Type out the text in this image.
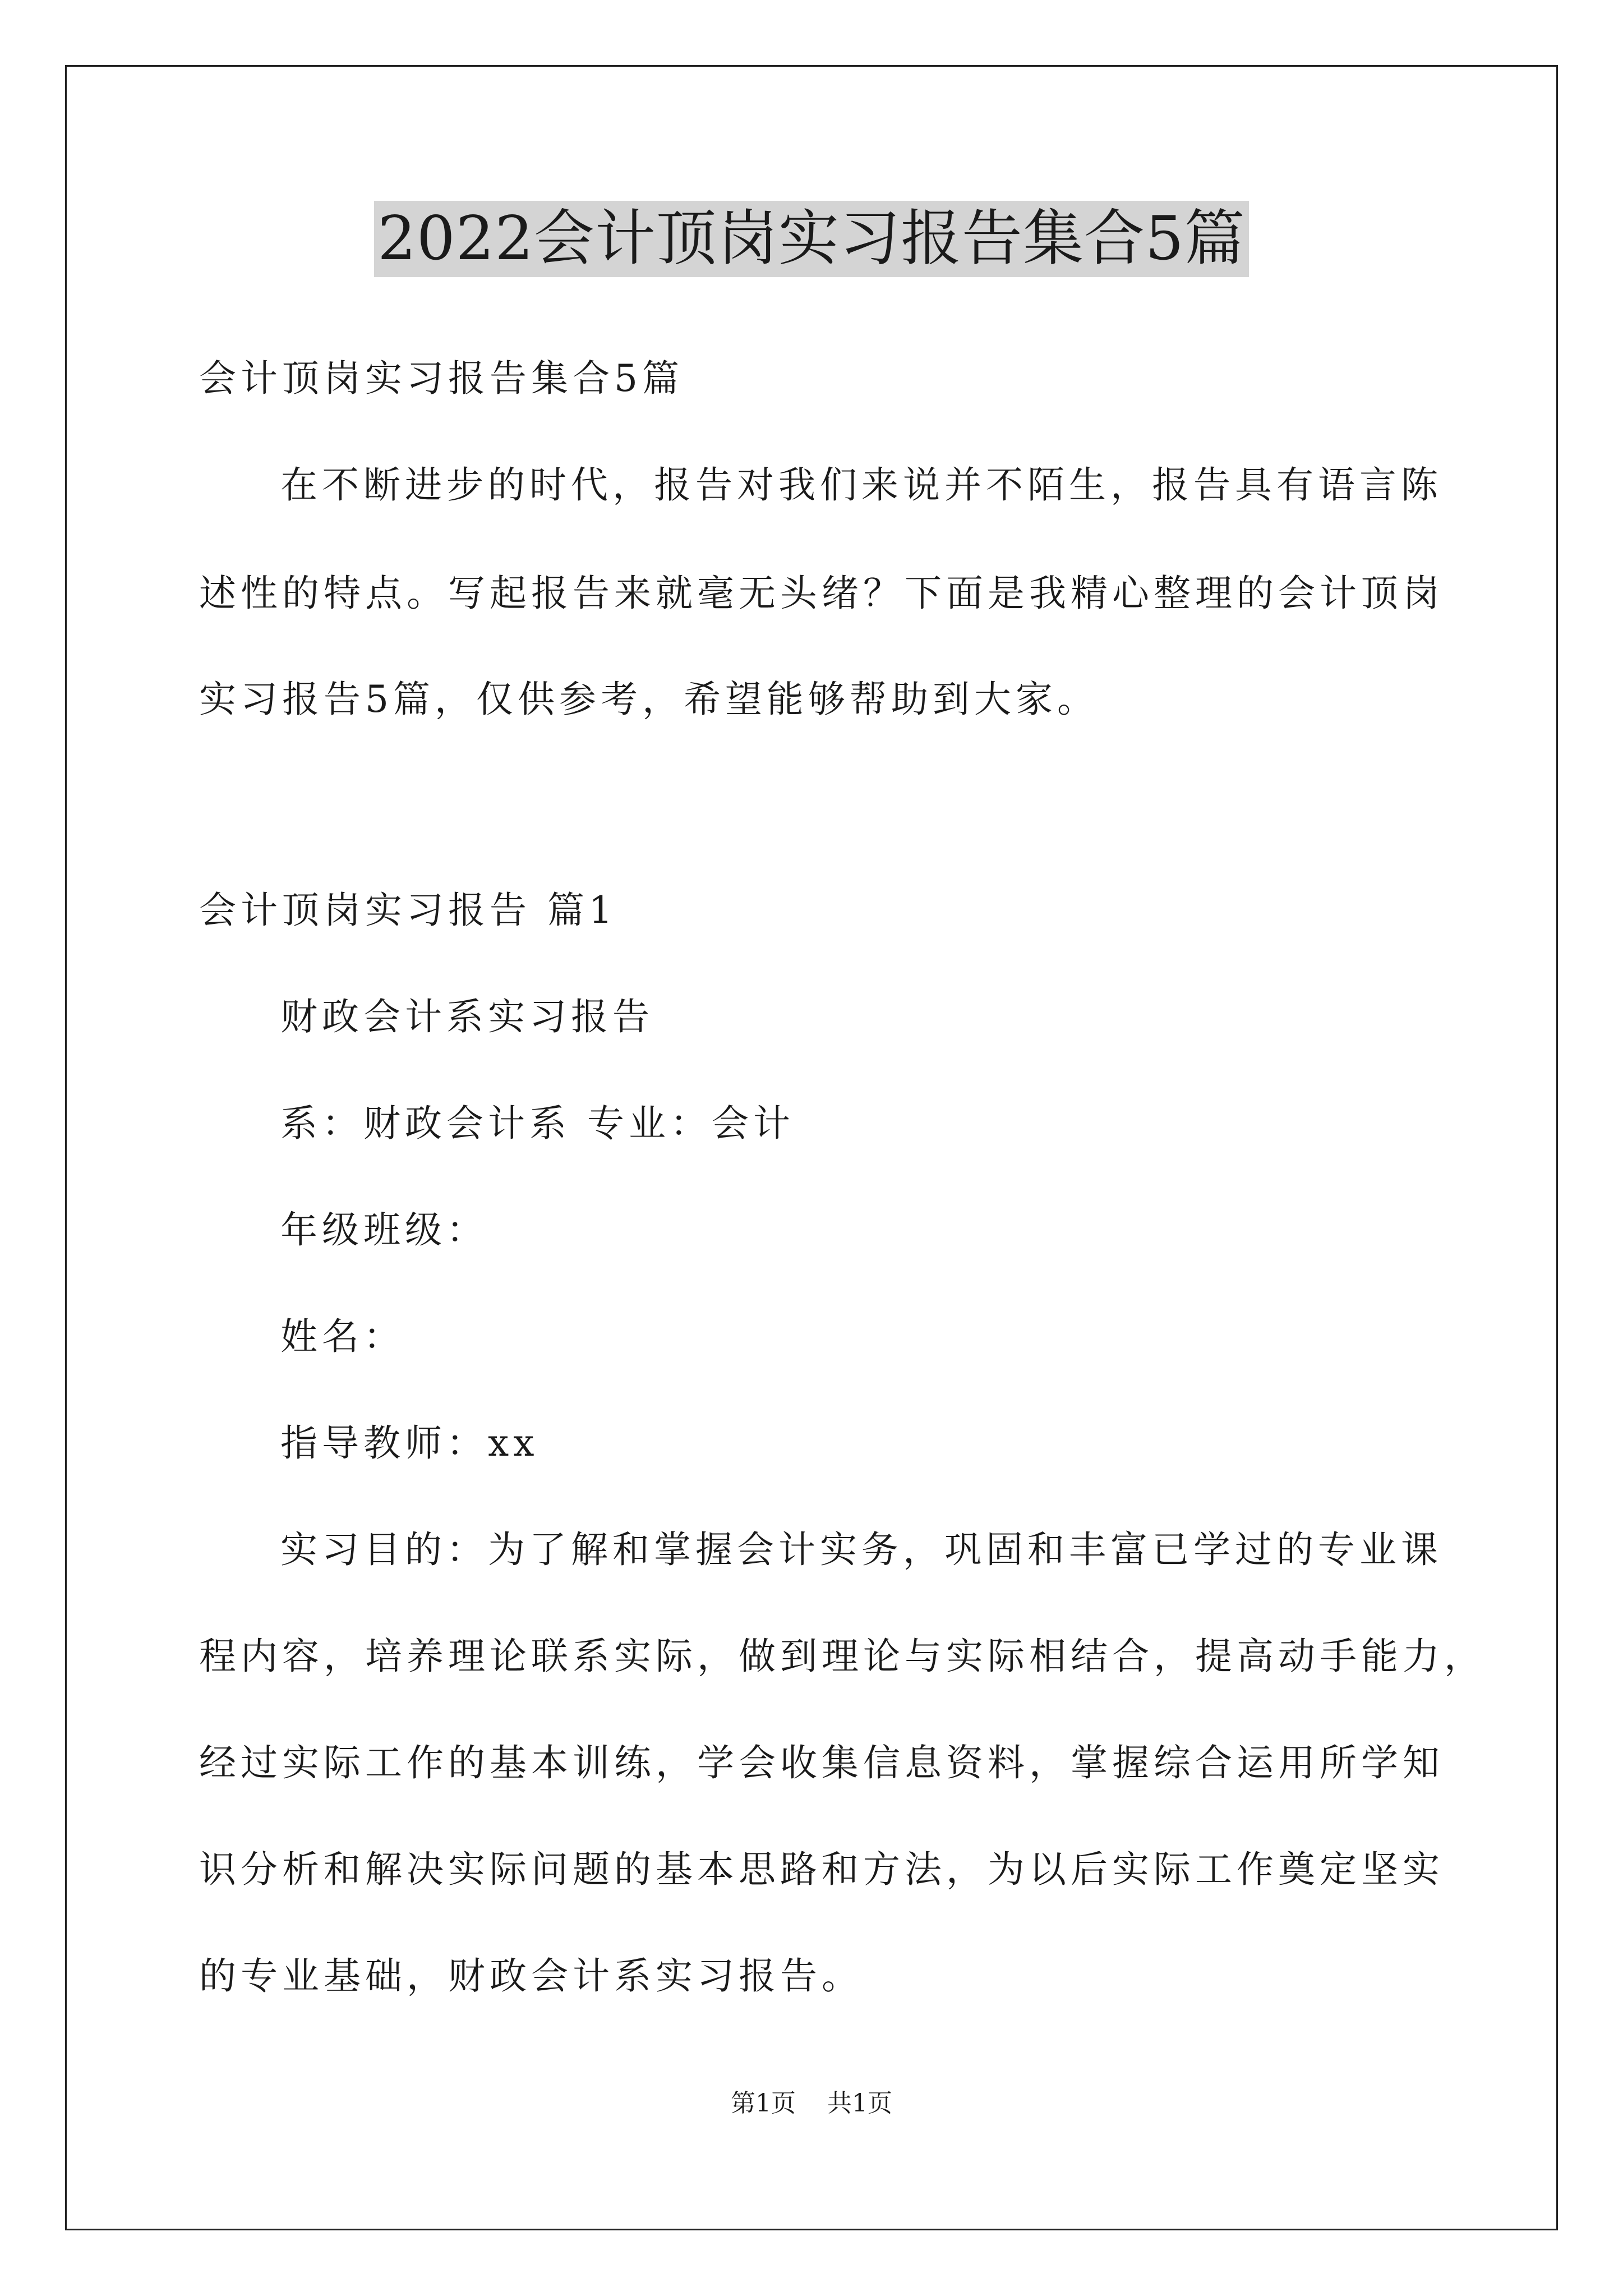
2022会计顶岗实习报告集合5篇
会计顶岗实习报告集合5篇
在不断进步的时代，报告对我们来说并不陌生，报告具有语言陈
述性的特点。写起报告来就毫无头绪？下面是我精心整理的会计顶岗
实习报告5篇，仅供参考，希望能够帮助到大家。
会计顶岗实习报告 篇1
财政会计系实习报告
系：财政会计系 专业：会计
年级班级：
姓名：
指导教师：xx
实习目的：为了解和掌握会计实务，巩固和丰富已学过的专业课
程内容，培养理论联系实际，做到理论与实际相结合，提高动手能力，
经过实际工作的基本训练，学会收集信息资料，掌握综合运用所学知
识分析和解决实际问题的基本思路和方法，为以后实际工作奠定坚实
的专业基础，财政会计系实习报告。
第1页 共1页
